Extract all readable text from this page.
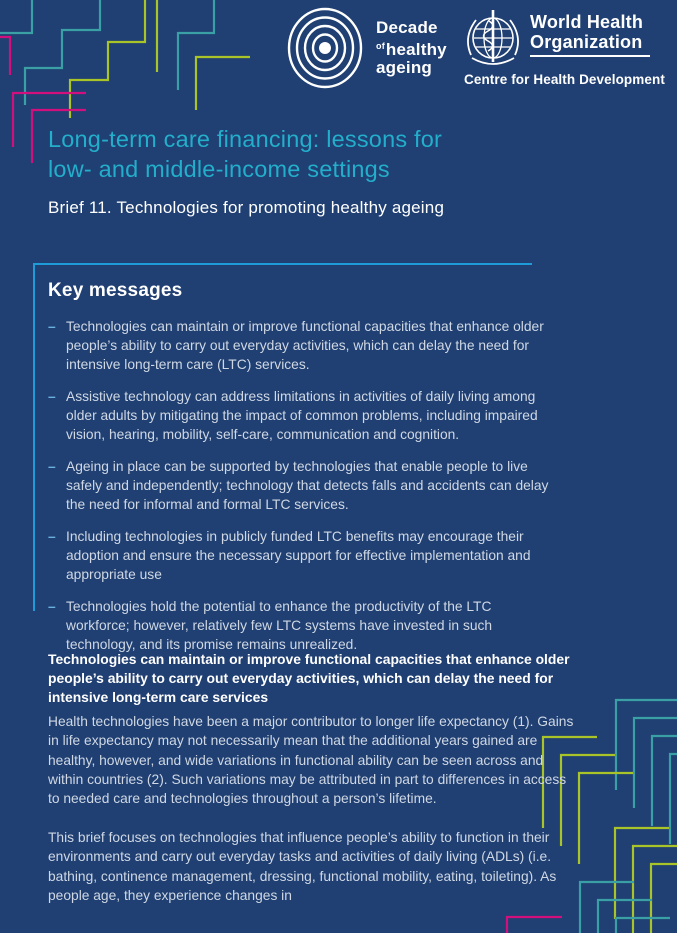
Decade
$^{of}$healthy
ageing
World Health
Organization
Centre for Health Development
Long-term care financing: lessons for
low- and middle-income settings
Brief 11. Technologies for promoting healthy ageing
Key messages
– Technologies can maintain or improve functional capacities that enhance older people’s ability to carry out everyday activities, which can delay the need for intensive long-term care (LTC) services.
– Assistive technology can address limitations in activities of daily living among older adults by mitigating the impact of common problems, including impaired vision, hearing, mobility, self-care, communication and cognition.
– Ageing in place can be supported by technologies that enable people to live safely and independently; technology that detects falls and accidents can delay the need for informal and formal LTC services.
– Including technologies in publicly funded LTC benefits may encourage their adoption and ensure the necessary support for effective implementation and appropriate use
– Technologies hold the potential to enhance the productivity of the LTC workforce; however, relatively few LTC systems have invested in such technology, and its promise remains unrealized.
Technologies can maintain or improve functional capacities that enhance older people’s ability to carry out everyday activities, which can delay the need for intensive long-term care services
Health technologies have been a major contributor to longer life expectancy (1). Gains in life expectancy may not necessarily mean that the additional years gained are healthy, however, and wide variations in functional ability can be seen across and within countries (2). Such variations may be attributed in part to differences in access to needed care and technologies throughout a person’s lifetime.
This brief focuses on technologies that influence people’s ability to function in their environments and carry out everyday tasks and activities of daily living (ADLs) (i.e. bathing, continence management, dressing, functional mobility, eating, toileting). As people age, they experience changes in
